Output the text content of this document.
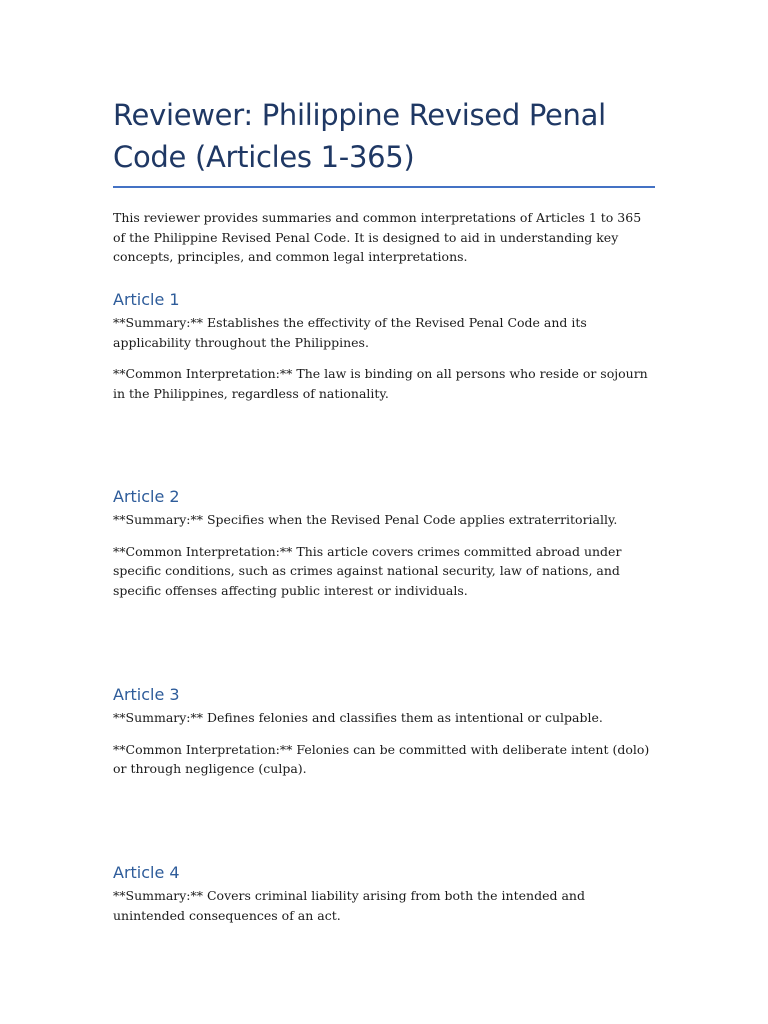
Reviewer: Philippine Revised Penal Code (Articles 1-365)

This reviewer provides summaries and common interpretations of Articles 1 to 365 of the Philippine Revised Penal Code. It is designed to aid in understanding key concepts, principles, and common legal interpretations.

Article 1

**Summary:** Establishes the effectivity of the Revised Penal Code and its applicability throughout the Philippines.

**Common Interpretation:** The law is binding on all persons who reside or sojourn in the Philippines, regardless of nationality.

Article 2

**Summary:** Specifies when the Revised Penal Code applies extraterritorially.

**Common Interpretation:** This article covers crimes committed abroad under specific conditions, such as crimes against national security, law of nations, and specific offenses affecting public interest or individuals.

Article 3

**Summary:** Defines felonies and classifies them as intentional or culpable.

**Common Interpretation:** Felonies can be committed with deliberate intent (dolo) or through negligence (culpa).

Article 4

**Summary:** Covers criminal liability arising from both the intended and unintended consequences of an act.
